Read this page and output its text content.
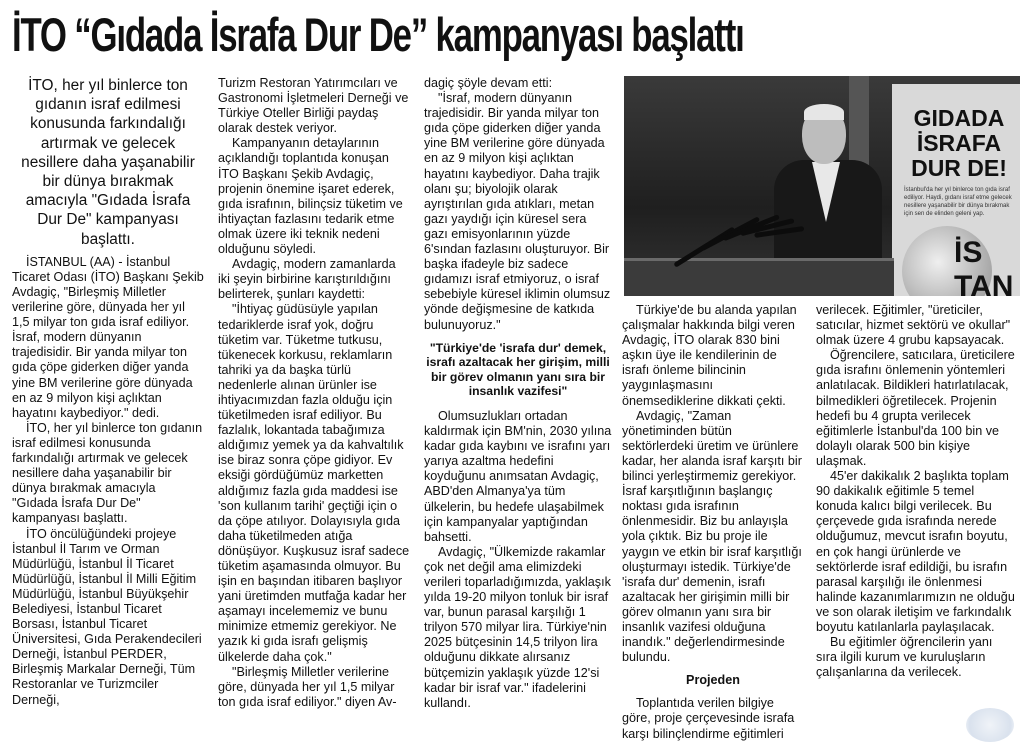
İTO “Gıdada İsrafa Dur De” kampanyası başlattı
İTO, her yıl binlerce ton gıdanın israf edilmesi konusunda farkındalığı artırmak ve gelecek nesillere daha yaşanabilir bir dünya bırakmak amacıyla "Gıdada İsrafa Dur De" kampanyası başlattı.

İSTANBUL (AA) - İstanbul Ticaret Odası (İTO) Başkanı Şekib Avdagiç, "Birleşmiş Milletler verilerine göre, dünyada her yıl 1,5 milyar ton gıda israf ediliyor. İsraf, modern dünyanın trajedisidir. Bir yanda milyar ton gıda çöpe giderken diğer yanda yine BM verilerine göre dünyada en az 9 milyon kişi açlıktan hayatını kaybediyor." dedi.

İTO, her yıl binlerce ton gıdanın israf edilmesi konusunda farkındalığı artırmak ve gelecek nesillere daha yaşanabilir bir dünya bırakmak amacıyla "Gıdada İsrafa Dur De" kampanyası başlattı.

İTO öncülüğündeki projeye İstanbul İl Tarım ve Orman Müdürlüğü, İstanbul İl Ticaret Müdürlüğü, İstanbul İl Milli Eğitim Müdürlüğü, İstanbul Büyükşehir Belediyesi, İstanbul Ticaret Borsası, İstanbul Ticaret Üniversitesi, Gıda Perakendecileri Derneği, İstanbul PERDER, Birleşmiş Markalar Derneği, Tüm Restoranlar ve Turizmciler Derneği,

Turizm Restoran Yatırımcıları ve Gastronomi İşletmeleri Derneği ve Türkiye Oteller Birliği paydaş olarak destek veriyor.

Kampanyanın detaylarının açıklandığı toplantıda konuşan İTO Başkanı Şekib Avdagiç, projenin önemine işaret ederek, gıda israfının, bilinçsiz tüketim ve ihtiyaçtan fazlasını tedarik etme olmak üzere iki teknik nedeni olduğunu söyledi.

Avdagiç, modern zamanlarda iki şeyin birbirine karıştırıldığını belirterek, şunları kaydetti:

"İhtiyaç güdüsüyle yapılan tedariklerde israf yok, doğru tüketim var. Tüketme tutkusu, tükenecek korkusu, reklamların tahriki ya da başka türlü nedenlerle alınan ürünler ise ihtiyacımızdan fazla olduğu için tüketilmeden israf ediliyor. Bu fazlalık, lokantada tabağımıza aldığımız yemek ya da kahvaltılık ise biraz sonra çöpe gidiyor. Ev eksiği gördüğümüz marketten aldığımız fazla gıda maddesi ise 'son kullanım tarihi' geçtiği için o da çöpe atılıyor. Dolayısıyla gıda daha tüketilmeden atığa dönüşüyor. Kuşkusuz israf sadece tüketim aşamasında olmuyor. Bu işin en başından itibaren başlıyor yani üretimden mutfağa kadar her aşamayı incelememiz ve bunu minimize etmemiz gerekiyor. Ne yazık ki gıda israfı gelişmiş ülkelerde daha çok."

"Birleşmiş Milletler verilerine göre, dünyada her yıl 1,5 milyar ton gıda israf ediliyor." diyen Av-

dagiç şöyle devam etti:

"İsraf, modern dünyanın trajedisidir. Bir yanda milyar ton gıda çöpe giderken diğer yanda yine BM verilerine göre dünyada en az 9 milyon kişi açlıktan hayatını kaybediyor. Daha trajik olanı şu; biyolojik olarak ayrıştırılan gıda atıkları, metan gazı yaydığı için küresel sera gazı emisyonlarının yüzde 6'sından fazlasını oluşturuyor. Bir başka ifadeyle biz sadece gıdamızı israf etmiyoruz, o israf sebebiyle küresel iklimin olumsuz yönde değişmesine de katkıda bulunuyoruz."

"Türkiye'de 'israfa dur' demek, israfı azaltacak her girişim, milli bir görev olmanın yanı sıra bir insanlık vazifesi"

Olumsuzlukları ortadan kaldırmak için BM'nin, 2030 yılına kadar gıda kaybını ve israfını yarı yarıya azaltma hedefini koyduğunu anımsatan Avdagiç, ABD'den Almanya'ya tüm ülkelerin, bu hedefe ulaşabilmek için kampanyalar yaptığından bahsetti.

Avdagiç, "Ülkemizde rakamlar çok net değil ama elimizdeki verileri toparladığımızda, yaklaşık yılda 19-20 milyon tonluk bir israf var, bunun parasal karşılığı 1 trilyon 570 milyar lira. Türkiye'nin 2025 bütçesinin 14,5 trilyon lira olduğunu dikkate alırsanız bütçemizin yaklaşık yüzde 12'si kadar bir israf var." ifadelerini kullandı.

GIDADA İSRAFA DUR DE!
İstanbul'da her yıl binlerce ton gıda israf ediliyor. Haydi, gıdanı israf etme gelecek nesillere yaşanabilir bir dünya bırakmak için sen de elinden geleni yap.
İS TAN

Türkiye'de bu alanda yapılan çalışmalar hakkında bilgi veren Avdagiç, İTO olarak 830 bini aşkın üye ile kendilerinin de israfı önleme bilincinin yaygınlaşmasını önemsediklerine dikkati çekti.

Avdagiç, "Zaman yönetiminden bütün sektörlerdeki üretim ve ürünlere kadar, her alanda israf karşıtı bir bilinci yerleştirmemiz gerekiyor. İsraf karşıtlığının başlangıç noktası gıda israfının önlenmesidir. Biz bu anlayışla yola çıktık. Biz bu proje ile yaygın ve etkin bir israf karşıtlığı oluşturmayı istedik. Türkiye'de 'israfa dur' demenin, israfı azaltacak her girişimin milli bir görev olmanın yanı sıra bir insanlık vazifesi olduğuna inandık." değerlendirmesinde bulundu.

Projeden

Toplantıda verilen bilgiye göre, proje çerçevesinde israfa karşı bilinçlendirme eğitimleri

verilecek. Eğitimler, "üreticiler, satıcılar, hizmet sektörü ve okullar" olmak üzere 4 grubu kapsayacak.

Öğrencilere, satıcılara, üreticilere gıda israfını önlemenin yöntemleri anlatılacak. Bildikleri hatırlatılacak, bilmedikleri öğretilecek. Projenin hedefi bu 4 grupta verilecek eğitimlerle İstanbul'da 100 bin ve dolaylı olarak 500 bin kişiye ulaşmak.

45'er dakikalık 2 başlıkta toplam 90 dakikalık eğitimle 5 temel konuda kalıcı bilgi verilecek. Bu çerçevede gıda israfında nerede olduğumuz, mevcut israfın boyutu, en çok hangi ürünlerde ve sektörlerde israf edildiği, bu israfın parasal karşılığı ile önlenmesi halinde kazanımlarımızın ne olduğu ve son olarak iletişim ve farkındalık boyutu katılanlarla paylaşılacak.

Bu eğitimler öğrencilerin yanı sıra ilgili kurum ve kuruluşların çalışanlarına da verilecek.
